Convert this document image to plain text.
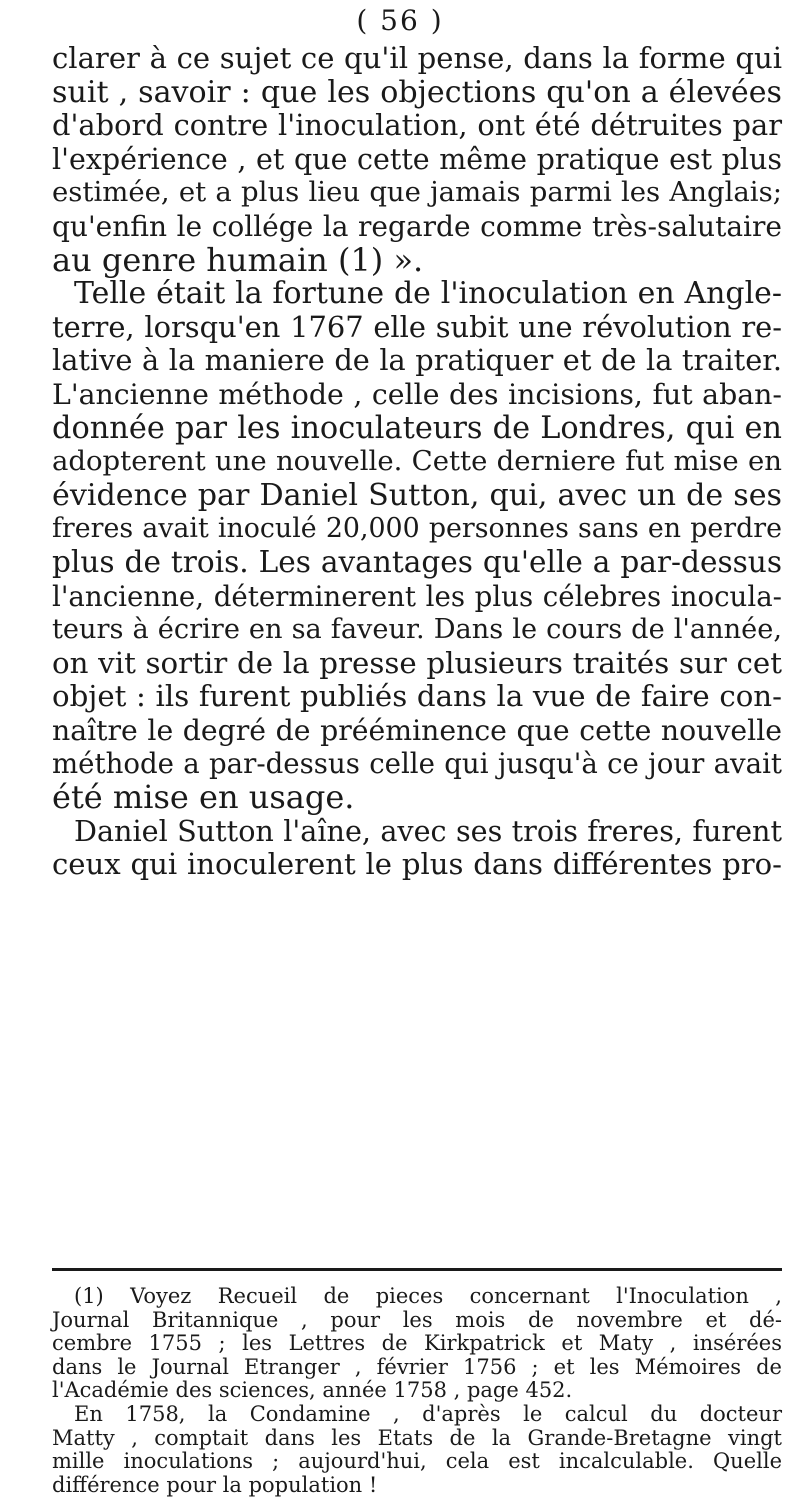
( 56 )
clarer à ce sujet ce qu'il pense, dans la forme qui
suit , savoir : que les objections qu'on a élevées
d'abord contre l'inoculation, ont été détruites par
l'expérience , et que cette même pratique est plus
estimée, et a plus lieu que jamais parmi les Anglais;
qu'enfin le collége la regarde comme très-salutaire
au genre humain (1) ».
Telle était la fortune de l'inoculation en Angle-
terre, lorsqu'en 1767 elle subit une révolution re-
lative à la maniere de la pratiquer et de la traiter.
L'ancienne méthode , celle des incisions, fut aban-
donnée par les inoculateurs de Londres, qui en
adopterent une nouvelle. Cette derniere fut mise en
évidence par Daniel Sutton, qui, avec un de ses
freres avait inoculé 20,000 personnes sans en perdre
plus de trois. Les avantages qu'elle a par-dessus
l'ancienne, déterminerent les plus célebres inocula-
teurs à écrire en sa faveur. Dans le cours de l'année,
on vit sortir de la presse plusieurs traités sur cet
objet : ils furent publiés dans la vue de faire con-
naître le degré de prééminence que cette nouvelle
méthode a par-dessus celle qui jusqu'à ce jour avait
été mise en usage.
Daniel Sutton l'aîne, avec ses trois freres, furent
ceux qui inoculerent le plus dans différentes pro-
(1) Voyez Recueil de pieces concernant l'Inoculation ,
Journal Britannique , pour les mois de novembre et dé-
cembre 1755 ; les Lettres de Kirkpatrick et Maty , insérées
dans le Journal Etranger , février 1756 ; et les Mémoires de
l'Académie des sciences, année 1758 , page 452.
En 1758, la Condamine , d'après le calcul du docteur
Matty , comptait dans les Etats de la Grande-Bretagne vingt
mille inoculations ; aujourd'hui, cela est incalculable. Quelle
différence pour la population !
